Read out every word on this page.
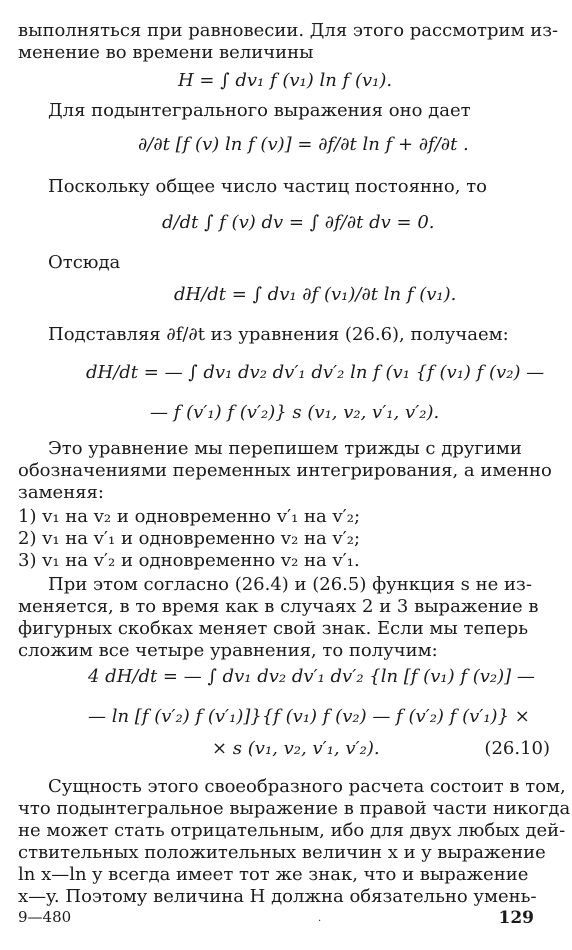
выполняться при равновесии. Для этого рассмотрим из-
менение во времени величины
H = ∫ dv₁ f (v₁) ln f (v₁).
Для подынтегрального выражения оно дает
∂/∂t [f (v) ln f (v)] = ∂f/∂t ln f + ∂f/∂t .
Поскольку общее число частиц постоянно, то
d/dt ∫ f (v) dv = ∫ ∂f/∂t dv = 0.
Отсюда
dH/dt = ∫ dv₁ ∂f (v₁)/∂t ln f (v₁).
Подставляя ∂f/∂t из уравнения (26.6), получаем:
dH/dt = — ∫ dv₁ dv₂ dv′₁ dv′₂ ln f (v₁ {f (v₁) f (v₂) —
— f (v′₁) f (v′₂)} s (v₁, v₂, v′₁, v′₂).
Это уравнение мы перепишем трижды с другими
обозначениями переменных интегрирования, а именно
заменяя:
1) v₁ на v₂ и одновременно v′₁ на v′₂;
2) v₁ на v′₁ и одновременно v₂ на v′₂;
3) v₁ на v′₂ и одновременно v₂ на v′₁.
При этом согласно (26.4) и (26.5) функция s не из-
меняется, в то время как в случаях 2 и 3 выражение в
фигурных скобках меняет свой знак. Если мы теперь
сложим все четыре уравнения, то получим:
4 dH/dt = — ∫ dv₁ dv₂ dv′₁ dv′₂ {ln [f (v₁) f (v₂)] —
— ln [f (v′₂) f (v′₁)]}{f (v₁) f (v₂) — f (v′₂) f (v′₁)} ×
× s (v₁, v₂, v′₁, v′₂).	(26.10)
Сущность этого своеобразного расчета состоит в том,
что подынтегральное выражение в правой части никогда
не может стать отрицательным, ибо для двух любых дей-
ствительных положительных величин x и y выражение
ln x—ln y всегда имеет тот же знак, что и выражение
x—y. Поэтому величина H должна обязательно умень-
9—480	.	129
